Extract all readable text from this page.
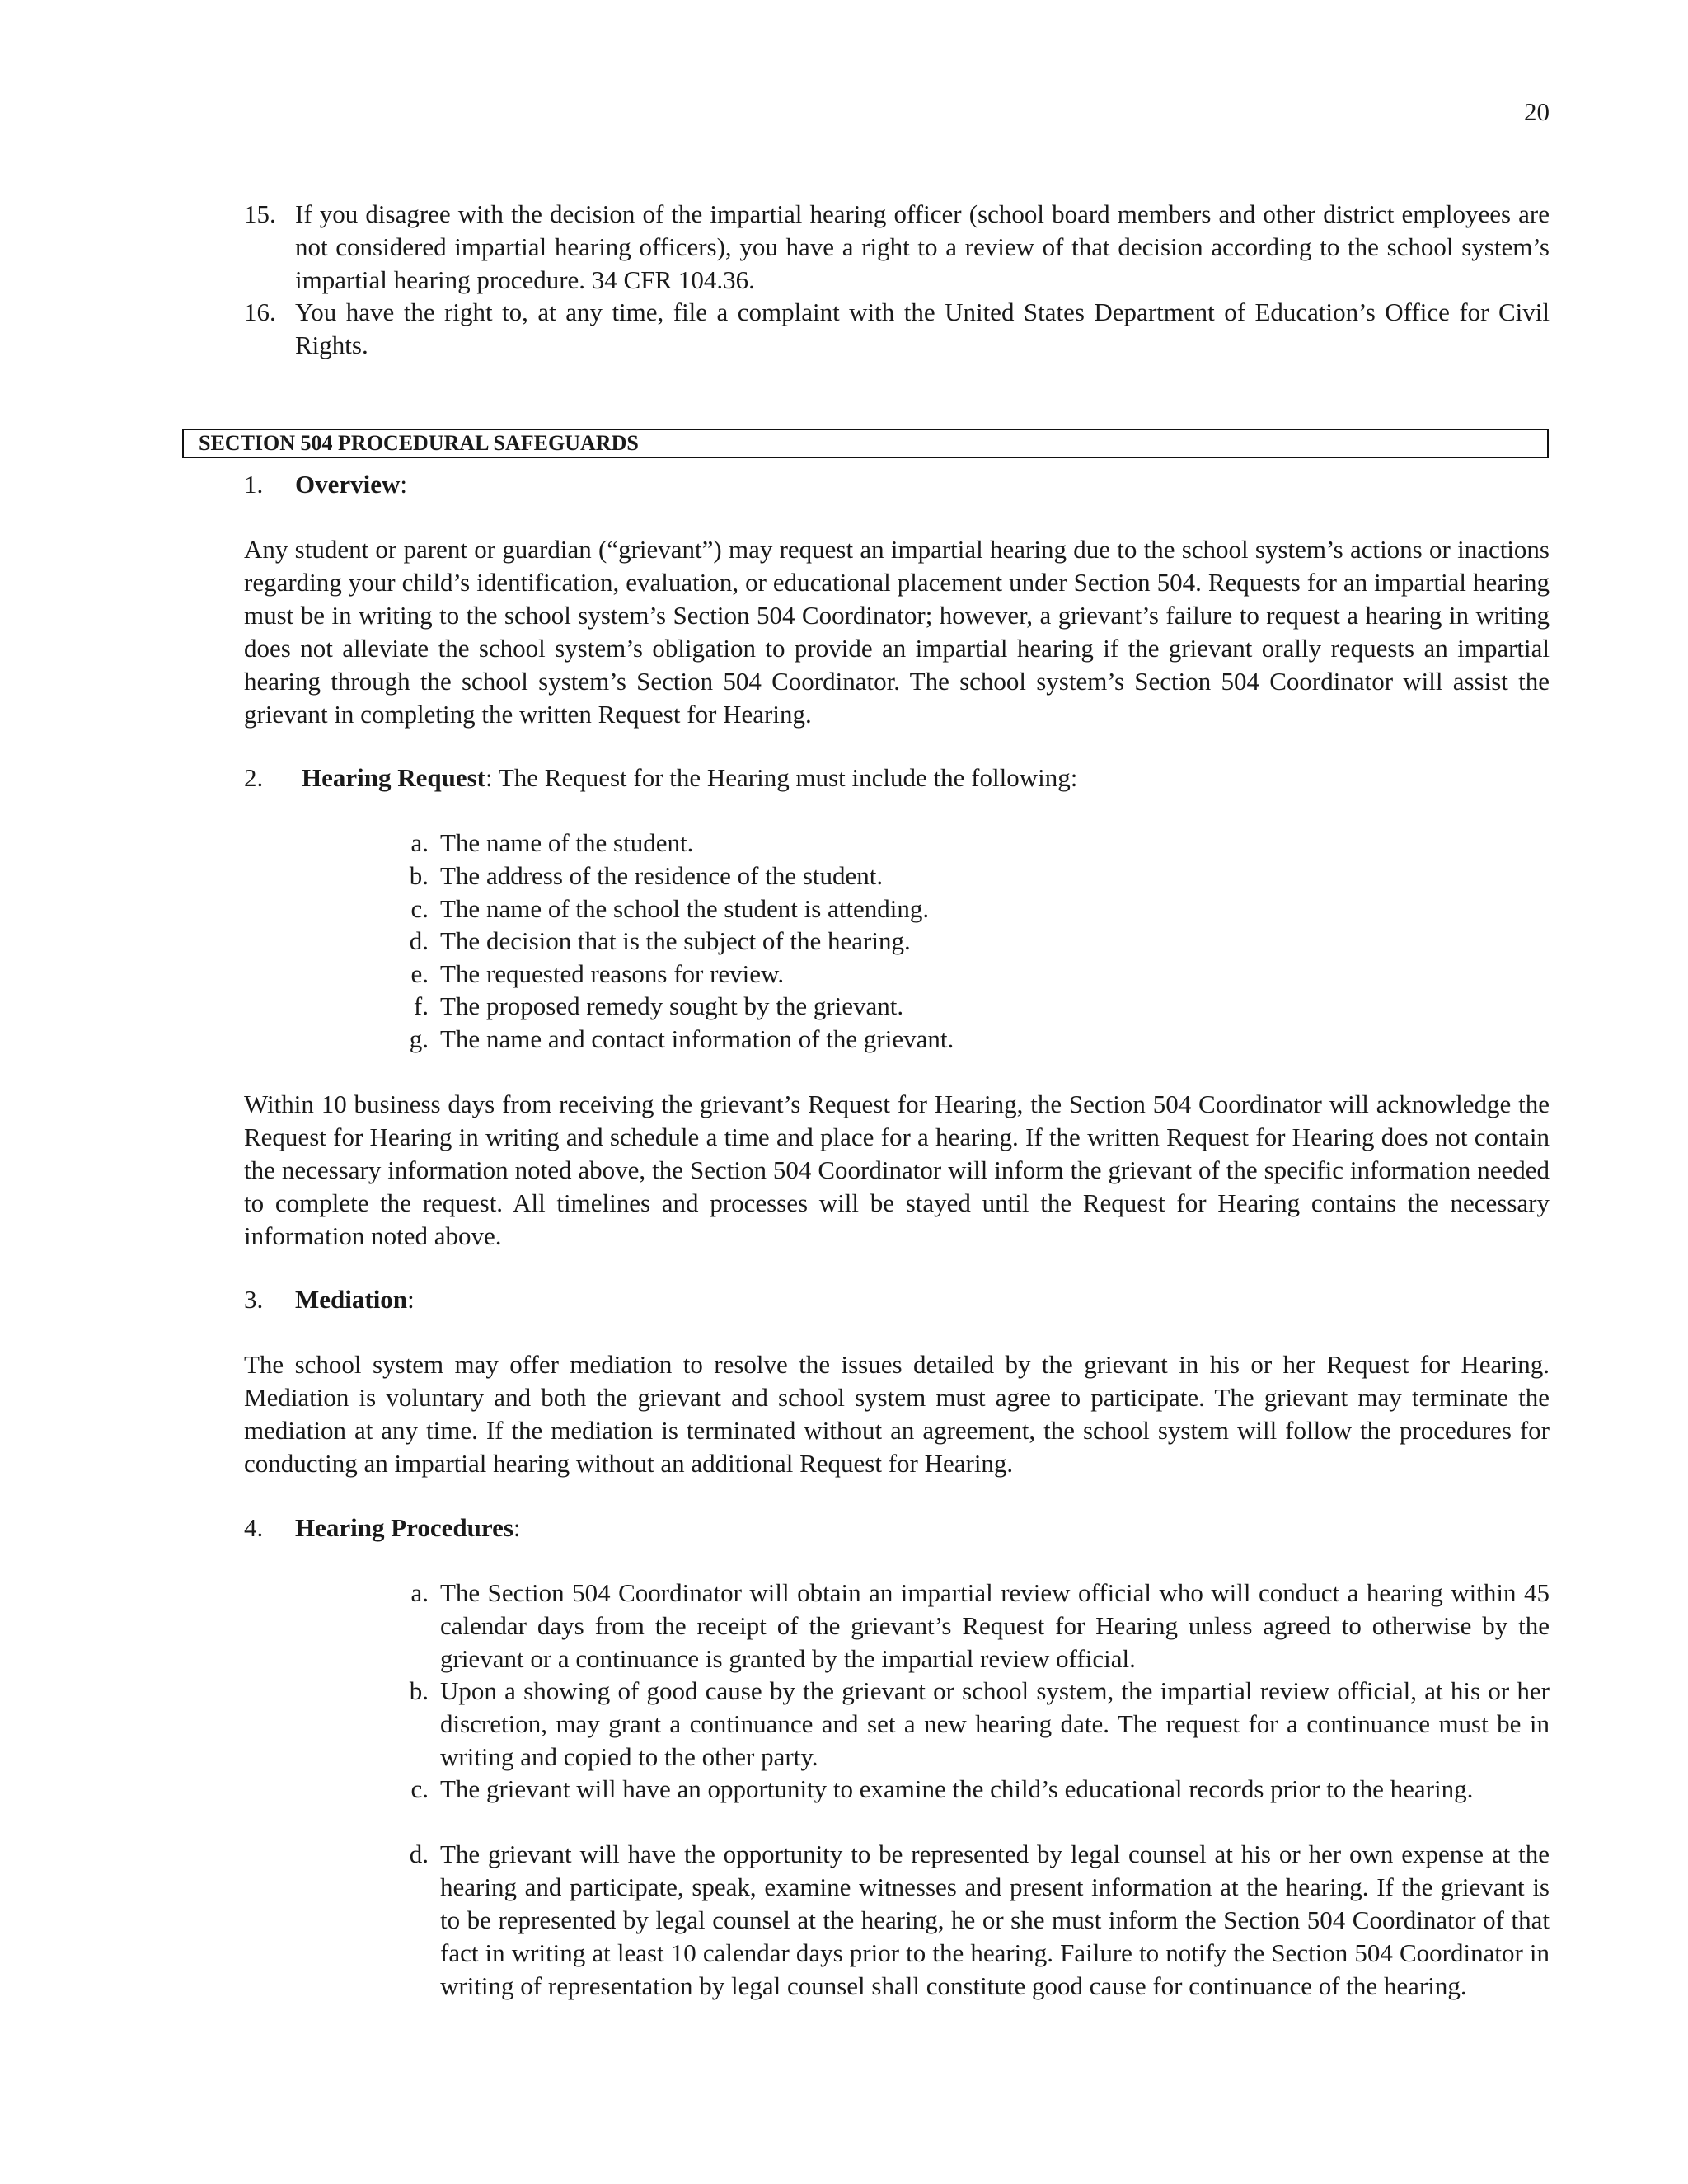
20
15. If you disagree with the decision of the impartial hearing officer (school board members and other district employees are not considered impartial hearing officers), you have a right to a review of that decision according to the school system’s impartial hearing procedure. 34 CFR 104.36.
16. You have the right to, at any time, file a complaint with the United States Department of Education’s Office for Civil Rights.
SECTION 504 PROCEDURAL SAFEGUARDS
1. Overview:
Any student or parent or guardian (“grievant”) may request an impartial hearing due to the school system’s actions or inactions regarding your child’s identification, evaluation, or educational placement under Section 504. Requests for an impartial hearing must be in writing to the school system’s Section 504 Coordinator; however, a grievant’s failure to request a hearing in writing does not alleviate the school system’s obligation to provide an impartial hearing if the grievant orally requests an impartial hearing through the school system’s Section 504 Coordinator. The school system’s Section 504 Coordinator will assist the grievant in completing the written Request for Hearing.
2. Hearing Request: The Request for the Hearing must include the following:
a. The name of the student.
b. The address of the residence of the student.
c. The name of the school the student is attending.
d. The decision that is the subject of the hearing.
e. The requested reasons for review.
f. The proposed remedy sought by the grievant.
g. The name and contact information of the grievant.
Within 10 business days from receiving the grievant’s Request for Hearing, the Section 504 Coordinator will acknowledge the Request for Hearing in writing and schedule a time and place for a hearing. If the written Request for Hearing does not contain the necessary information noted above, the Section 504 Coordinator will inform the grievant of the specific information needed to complete the request. All timelines and processes will be stayed until the Request for Hearing contains the necessary information noted above.
3. Mediation:
The school system may offer mediation to resolve the issues detailed by the grievant in his or her Request for Hearing. Mediation is voluntary and both the grievant and school system must agree to participate. The grievant may terminate the mediation at any time. If the mediation is terminated without an agreement, the school system will follow the procedures for conducting an impartial hearing without an additional Request for Hearing.
4. Hearing Procedures:
a. The Section 504 Coordinator will obtain an impartial review official who will conduct a hearing within 45 calendar days from the receipt of the grievant’s Request for Hearing unless agreed to otherwise by the grievant or a continuance is granted by the impartial review official.
b. Upon a showing of good cause by the grievant or school system, the impartial review official, at his or her discretion, may grant a continuance and set a new hearing date. The request for a continuance must be in writing and copied to the other party.
c. The grievant will have an opportunity to examine the child’s educational records prior to the hearing.
d. The grievant will have the opportunity to be represented by legal counsel at his or her own expense at the hearing and participate, speak, examine witnesses and present information at the hearing. If the grievant is to be represented by legal counsel at the hearing, he or she must inform the Section 504 Coordinator of that fact in writing at least 10 calendar days prior to the hearing. Failure to notify the Section 504 Coordinator in writing of representation by legal counsel shall constitute good cause for continuance of the hearing.
